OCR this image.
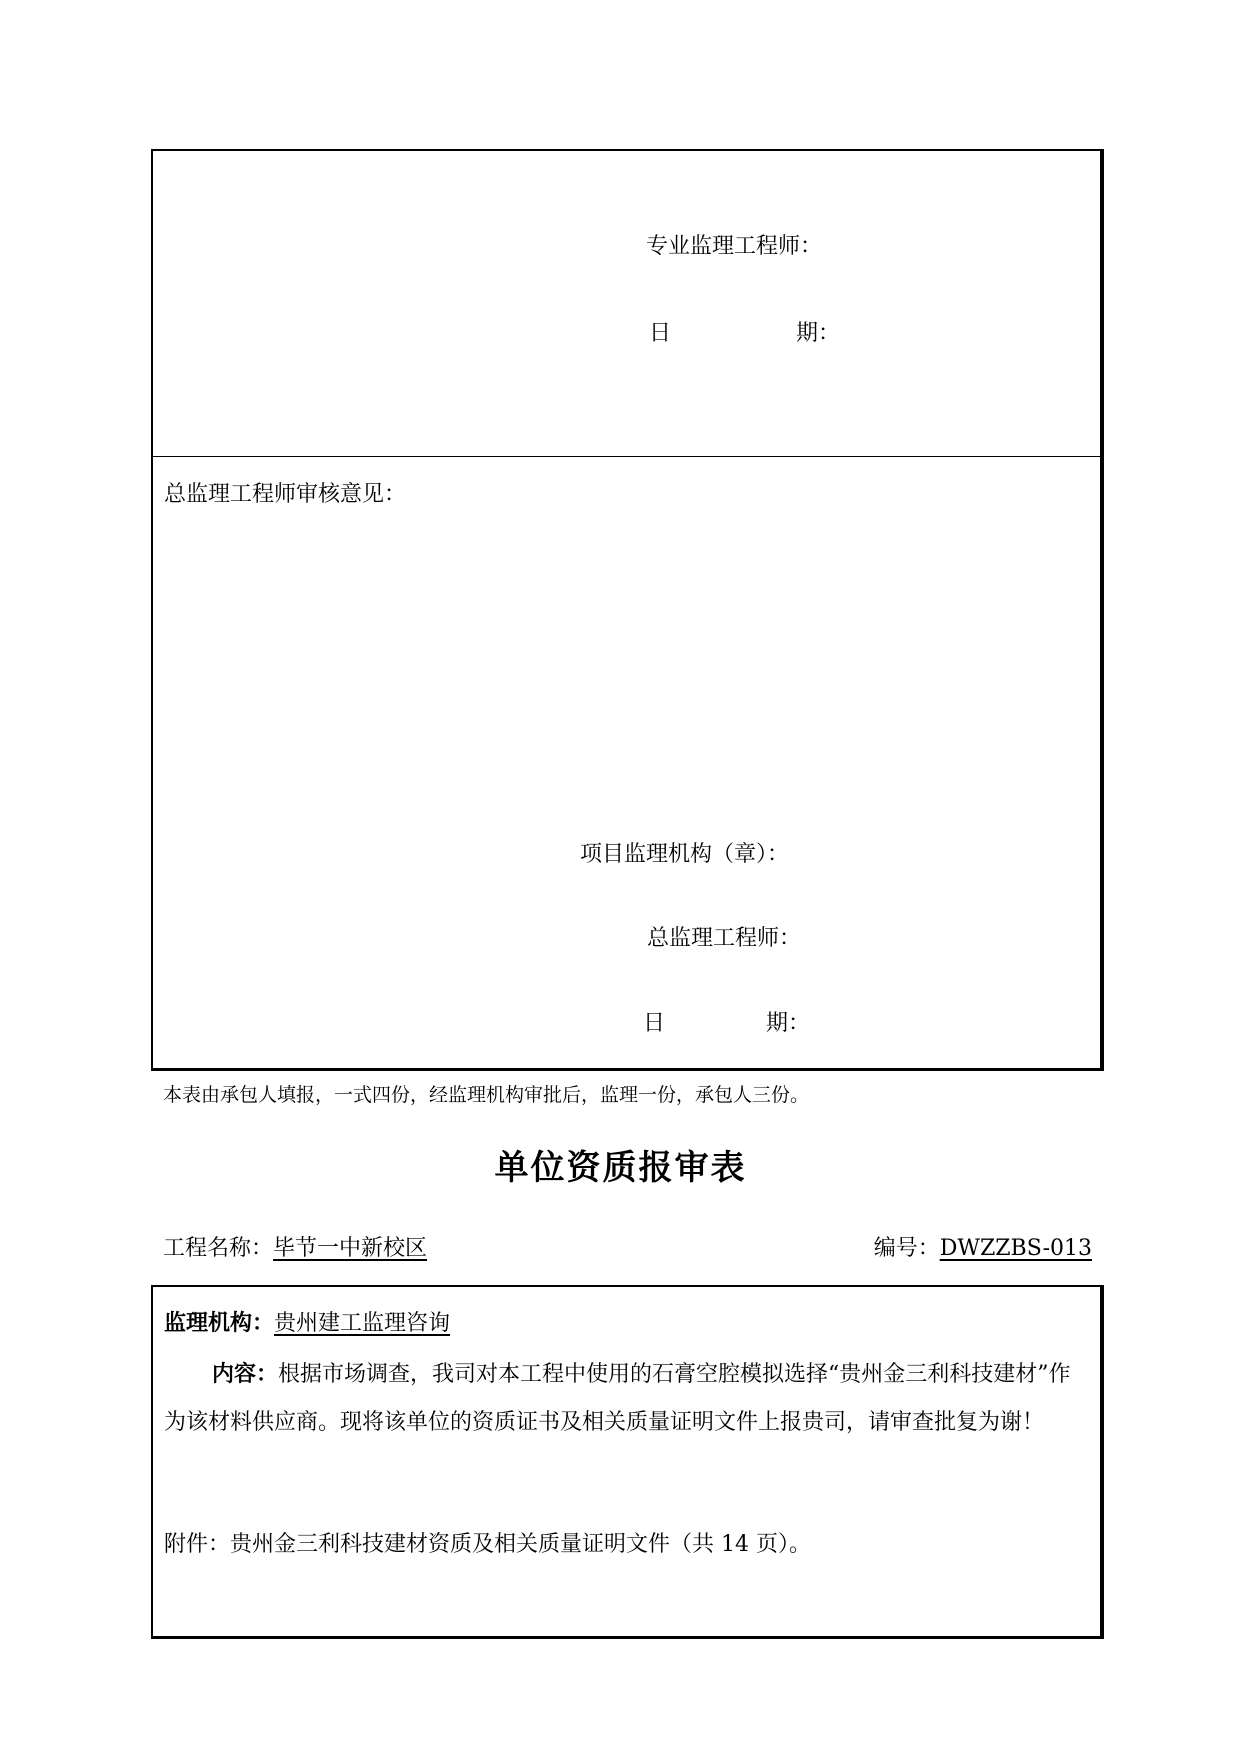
专业监理工程师：
日	期：
总监理工程师审核意见：
项目监理机构（章）：
总监理工程师：
日	期：
本表由承包人填报，一式四份，经监理机构审批后，监理一份，承包人三份。
单位资质报审表
工程名称：毕节一中新校区	编号：DWZZBS-013
监理机构：贵州建工监理咨询
内容：根据市场调查，我司对本工程中使用的石膏空腔模拟选择“贵州金三利科技建材”作为该材料供应商。现将该单位的资质证书及相关质量证明文件上报贵司，请审查批复为谢！
附件：贵州金三利科技建材资质及相关质量证明文件（共 14 页）。
